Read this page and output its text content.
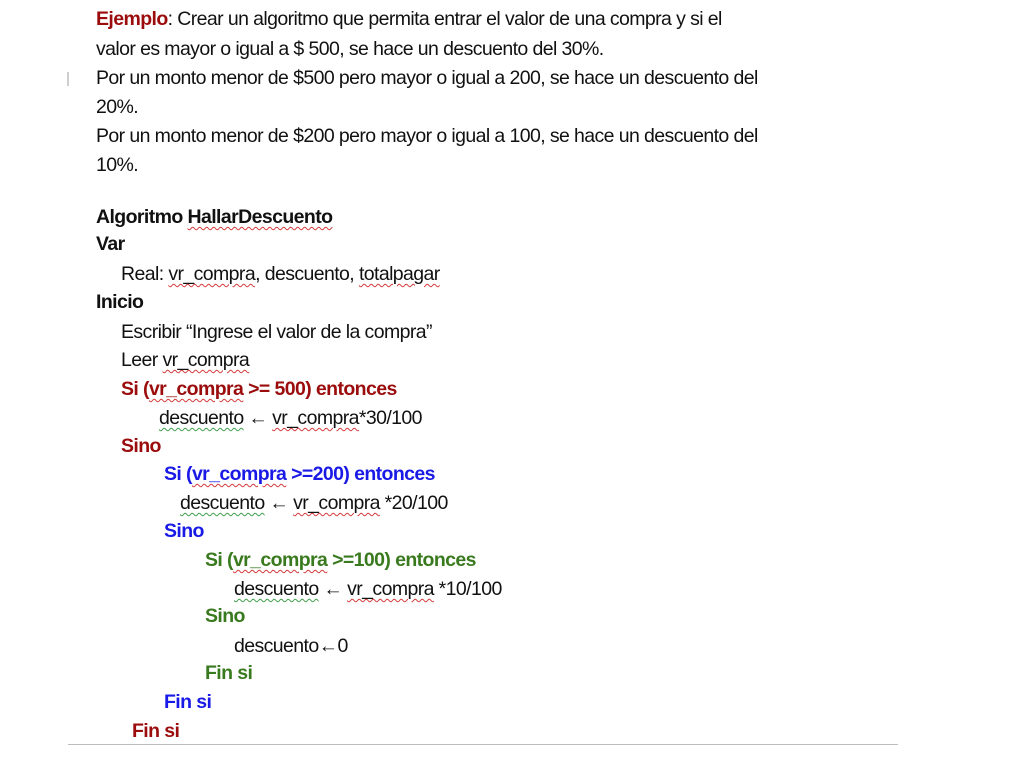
Ejemplo: Crear un algoritmo que permita entrar el valor de una compra y si el
valor es mayor o igual a $ 500, se hace un descuento del 30%.
Por un monto menor de $500 pero mayor o igual a 200, se hace un descuento del
20%.
Por un monto menor de $200 pero mayor o igual a 100, se hace un descuento del
10%.
Algoritmo HallarDescuento
Var
Real: vr_compra, descuento, totalpagar
Inicio
Escribir “Ingrese el valor de la compra”
Leer vr_compra
Si (vr_compra >= 500) entonces
descuento ← vr_compra*30/100
Sino
Si (vr_compra >=200) entonces
descuento ← vr_compra *20/100
Sino
Si (vr_compra >=100) entonces
descuento ← vr_compra *10/100
Sino
descuento←0
Fin si
Fin si
Fin si
